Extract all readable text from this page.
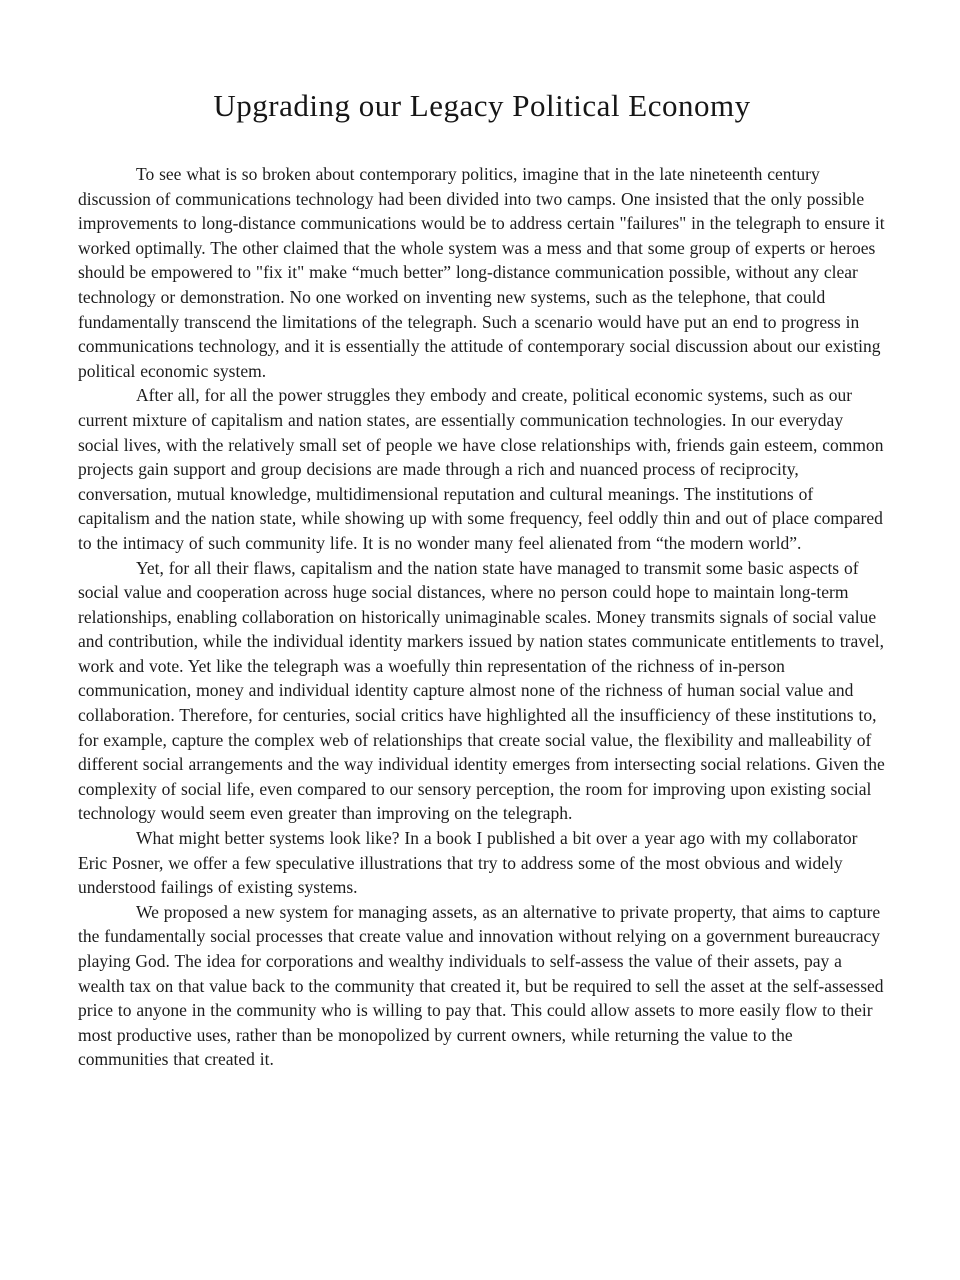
Upgrading our Legacy Political Economy

To see what is so broken about contemporary politics, imagine that in the late nineteenth century discussion of communications technology had been divided into two camps. One insisted that the only possible improvements to long-distance communications would be to address certain "failures" in the telegraph to ensure it worked optimally. The other claimed that the whole system was a mess and that some group of experts or heroes should be empowered to "fix it" make “much better” long-distance communication possible, without any clear technology or demonstration. No one worked on inventing new systems, such as the telephone, that could fundamentally transcend the limitations of the telegraph. Such a scenario would have put an end to progress in communications technology, and it is essentially the attitude of contemporary social discussion about our existing political economic system.

After all, for all the power struggles they embody and create, political economic systems, such as our current mixture of capitalism and nation states, are essentially communication technologies. In our everyday social lives, with the relatively small set of people we have close relationships with, friends gain esteem, common projects gain support and group decisions are made through a rich and nuanced process of reciprocity, conversation, mutual knowledge, multidimensional reputation and cultural meanings. The institutions of capitalism and the nation state, while showing up with some frequency, feel oddly thin and out of place compared to the intimacy of such community life. It is no wonder many feel alienated from “the modern world”.

Yet, for all their flaws, capitalism and the nation state have managed to transmit some basic aspects of social value and cooperation across huge social distances, where no person could hope to maintain long-term relationships, enabling collaboration on historically unimaginable scales. Money transmits signals of social value and contribution, while the individual identity markers issued by nation states communicate entitlements to travel, work and vote. Yet like the telegraph was a woefully thin representation of the richness of in-person communication, money and individual identity capture almost none of the richness of human social value and collaboration. Therefore, for centuries, social critics have highlighted all the insufficiency of these institutions to, for example, capture the complex web of relationships that create social value, the flexibility and malleability of different social arrangements and the way individual identity emerges from intersecting social relations. Given the complexity of social life, even compared to our sensory perception, the room for improving upon existing social technology would seem even greater than improving on the telegraph.

What might better systems look like? In a book I published a bit over a year ago with my collaborator Eric Posner, we offer a few speculative illustrations that try to address some of the most obvious and widely understood failings of existing systems.

We proposed a new system for managing assets, as an alternative to private property, that aims to capture the fundamentally social processes that create value and innovation without relying on a government bureaucracy playing God. The idea for corporations and wealthy individuals to self-assess the value of their assets, pay a wealth tax on that value back to the community that created it, but be required to sell the asset at the self-assessed price to anyone in the community who is willing to pay that. This could allow assets to more easily flow to their most productive uses, rather than be monopolized by current owners, while returning the value to the communities that created it.
